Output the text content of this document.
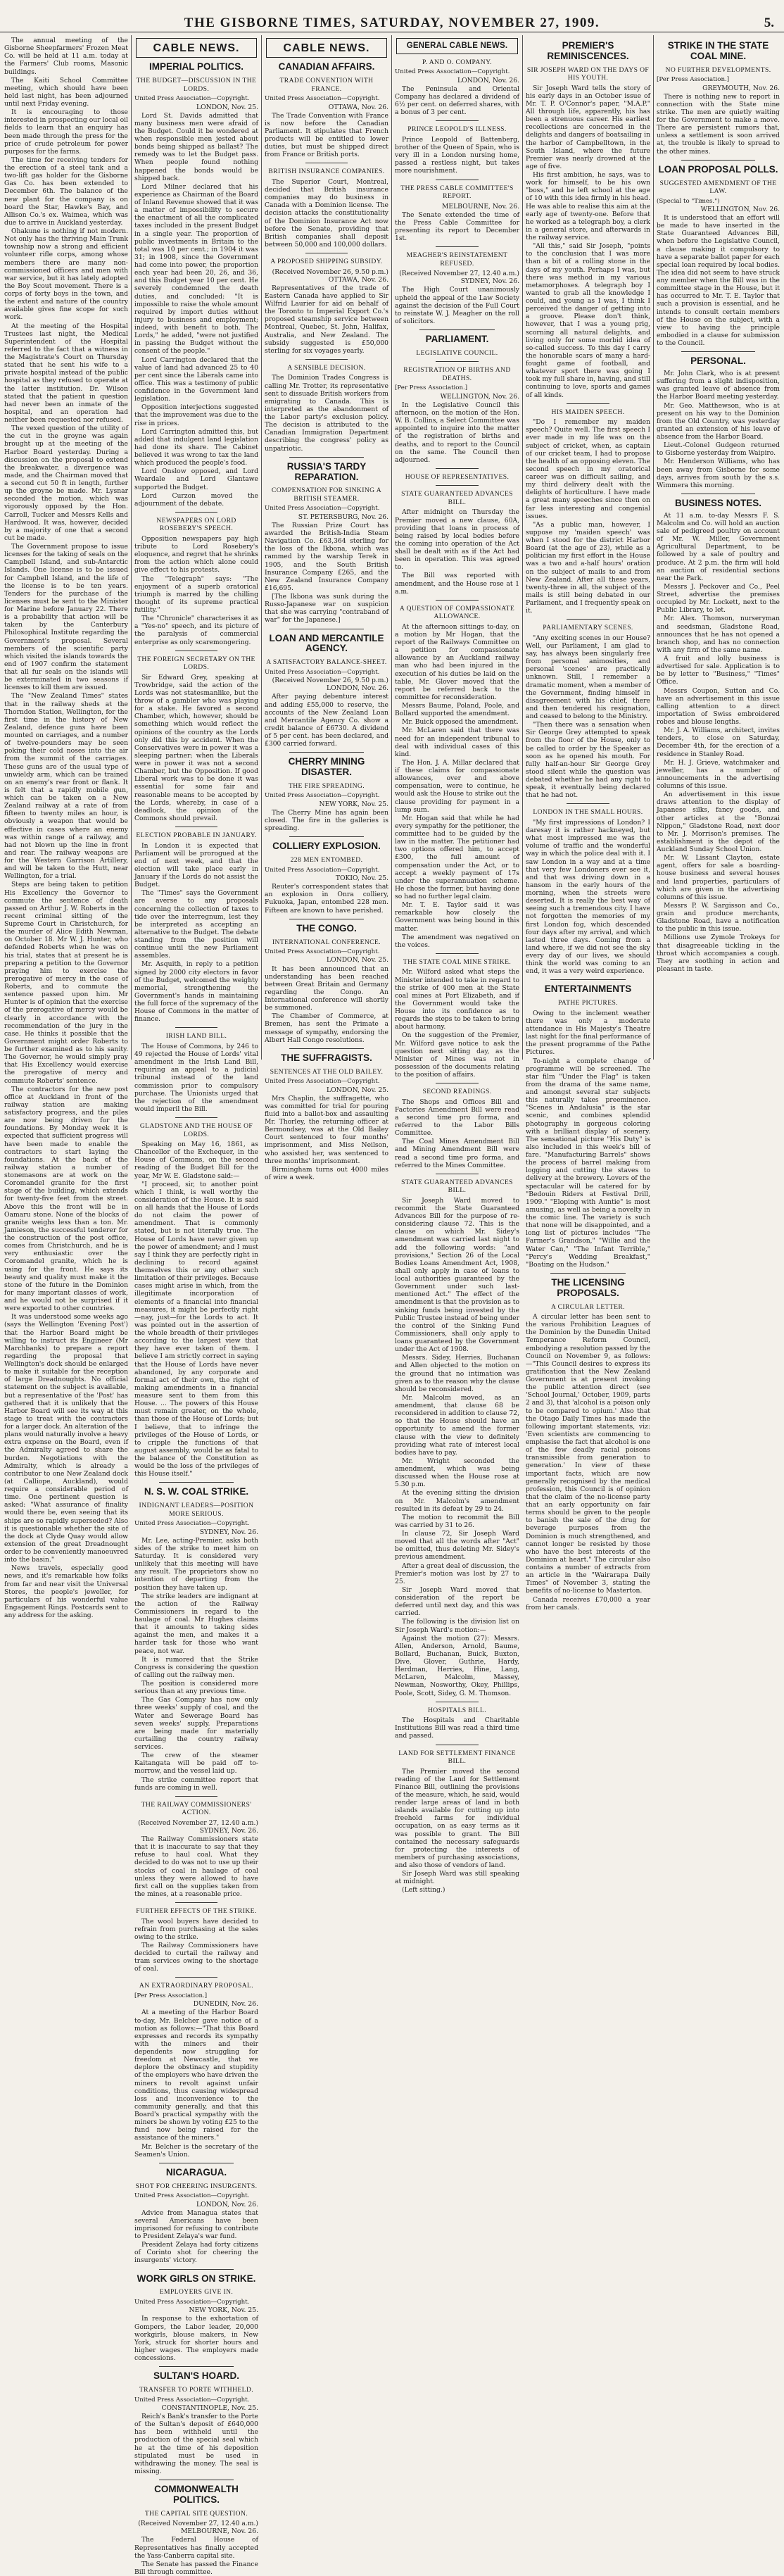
THE GISBORNE TIMES, SATURDAY, NOVEMBER 27, 1909.	5.

The annual meeting of the Gisborne Sheepfarmers' Frozen Meat Co. will be held at 11 a.m. today at the Farmers' Club rooms, Masonic buildings.

The Kaiti School Committee meeting, which should have been held last night, has been adjourned until next Friday evening.

It is encouraging to those interested in prospecting our local oil fields to learn that an enquiry has been made through the press for the price of crude petroleum for power purposes for the farms.

The time for receiving tenders for the erection of a steel tank and a two-lift gas holder for the Gisborne Gas Co. has been extended to December 6th. The balance of the new plant for the company is on board the Star, Hawke's Bay, and Allison Co.'s ex. Waimea, which was due to arrive in Auckland yesterday.

Ohakune is nothing if not modern. Not only has the thriving Main Trunk township now a strong and efficient volunteer rifle corps, among whose members there are many non-commissioned officers and men with war service, but it has lately adopted the Boy Scout movement. There is a corps of forty boys in the town, and the extent and nature of the country available gives fine scope for such work.

At the meeting of the Hospital Trustees last night, the Medical Superintendent of the Hospital referred to the fact that a witness in the Magistrate's Court on Thursday stated that he sent his wife to a private hospital instead of the public hospital as they refused to operate at the latter institution. Dr. Wilson stated that the patient in question had never been an inmate of the hospital, and an operation had neither been requested nor refused.

The vexed question of the utility of the cut in the groyne was again brought up at the meeting of the Harbor Board yesterday. During a discussion on the proposal to extend the breakwater, a divergence was made, and the Chairman moved that a second cut 50 ft in length, further up the groyne be made. Mr. Lysnar seconded the motion, which was vigorously opposed by the Hon. Carroll, Tucker and Messrs Kells and Hardwood. It was, however, decided by a majority of one that a second cut be made.

The Government propose to issue licenses for the taking of seals on the Campbell Island, and sub-Antarctic Islands. One license is to be issued for Campbell Island, and the life of the license is to be ten years. Tenders for the purchase of the licenses must be sent to the Minister for Marine before January 22. There is a probability that action will be taken by the Canterbury Philosophical Institute regarding the Government's proposal. Several members of the scientific party which visited the islands towards the end of 1907 confirm the statement that all fur seals on the islands will be exterminated in two seasons if licenses to kill them are issued.

The "New Zealand Times" states that in the railway sheds at the Thorndon Station, Wellington, for the first time in the history of New Zealand, defence guns have been mounted on carriages, and a number of twelve-pounders may be seen poking their cold noses into the air from the summit of the carriages. These guns are of the usual type of unwieldy arm, which can be trained on an enemy's rear front or flank. It is felt that a rapidly mobile gun, which can be taken on a New Zealand railway at a rate of from fifteen to twenty miles an hour, is obviously a weapon that would be effective in cases where an enemy was within range of a railway, and had not blown up the line in front and rear. The railway weapons are for the Western Garrison Artillery, and will be taken to the Hutt, near Wellington, for a trial.

Steps are being taken to petition His Excellency the Governor to commute the sentence of death passed on Arthur J. W. Roberts in the recent criminal sitting of the Supreme Court in Christchurch, for the murder of Alice Edith Newman, on October 18. Mr W. J. Hunter, who defended Roberts when he was on his trial, states that at present he is preparing a petition to the Governor praying him to exercise the prerogative of mercy in the case of Roberts, and to commute the sentence passed upon him. Mr Hunter is of opinion that the exercise of the prerogative of mercy would be clearly in accordance with the recommendation of the jury in the case. He thinks it possible that the Government might order Roberts to be further examined as to his sanity. The Governor, he would simply pray that His Excellency would exercise the prerogative of mercy and commute Roberts' sentence.

The contractors for the new post office at Auckland in front of the railway station are making satisfactory progress, and the piles are now being driven for the foundations. By Monday week it is expected that sufficient progress will have been made to enable the contractors to start laying the foundations. At the back of the railway station a number of stonemasons are at work on the Coromandel granite for the first stage of the building, which extends for twenty-five feet from the street. Above this the front will be in Oamaru stone. None of the blocks of granite weighs less than a ton. Mr. Jamieson, the successful tenderer for the construction of the post office, comes from Christchurch, and he is very enthusiastic over the Coromandel granite, which he is using for the front. He says its beauty and quality must make it the stone of the future in the Dominion for many important classes of work, and he would not be surprised if it were exported to other countries.

It was understood some weeks ago (says the Wellington 'Evening Post') that the Harbor Board might be willing to instruct its Engineer (Mr Marchbanks) to prepare a report regarding the proposal that Wellington's dock should be enlarged to make it suitable for the reception of large Dreadnoughts. No official statement on the subject is available, but a representative of the 'Post' has gathered that it is unlikely that the Harbor Board will see its way at this stage to treat with the contractors for a larger dock. An alteration of the plans would naturally involve a heavy extra expense on the Board, even if the Admiralty agreed to share the burden. Negotiations with the Admiralty, which is already a contributor to one New Zealand dock (at Calliope, Auckland), would require a considerable period of time. One pertinent question is asked: "What assurance of finality would there be, even seeing that its ships are so rapidly superseded? Also it is questionable whether the site of the dock at Clyde Quay would allow extension of the great Dreadnought order to be conveniently manoeuvred into the basin."

News travels, especially good news, and it's remarkable how folks from far and near visit the Universal Stores, the people's jeweller, for particulars of his wonderful value Engagement Rings. Postcards sent to any address for the asking.

CABLE NEWS.
IMPERIAL POLITICS.
THE BUDGET—DISCUSSION IN THE LORDS.

United Press Association—Copyright.

LONDON, Nov. 25.

Lord St. Davids admitted that many business men were afraid of the Budget. Could it be wondered at when responsible men jested about bonds being shipped as ballast? The remedy was to let the Budget pass. When people found nothing happened the bonds would be shipped back.

Lord Milner declared that his experience as Chairman of the Board of Inland Revenue showed that it was a matter of impossibility to secure the enactment of all the complicated taxes included in the present Budget in a single year. The proportion of public investments in Britain to the total was 10 per cent.; in 1904 it was 31; in 1908, since the Government had come into power, the proportion each year had been 20, 26, and 36, and this Budget year 10 per cent. He severely condemned the death duties, and concluded: "It is impossible to raise the whole amount required by import duties without injury to business and employment; indeed, with benefit to both. The Lords," he added, "were not justified in passing the Budget without the consent of the people."

Lord Carrington declared that the value of land had advanced 25 to 40 per cent since the Liberals came into office. This was a testimony of public confidence in the Government land legislation.

Opposition interjections suggested that the improvement was due to the rise in prices.

Lord Carrington admitted this, but added that indulgent land legislation had done its share. The Cabinet believed it was wrong to tax the land which produced the people's food.

Lord Onslow opposed, and Lord Weardale and Lord Glantawe supported the Budget.

Lord Curzon moved the adjournment of the debate.

NEWSPAPERS ON LORD ROSEBERY'S SPEECH.

Opposition newspapers pay high tribute to Lord Rosebery's eloquence, and regret that he shrinks from the action which alone could give effect to his protests.

The "Telegraph" says: "The enjoyment of a superb oratorical triumph is marred by the chilling thought of its supreme practical futility."

The "Chronicle" characterises it as a "Yes-no" speech, and its picture of the paralysis of commercial enterprise as only scaremongering.

THE FOREIGN SECRETARY ON THE LORDS.

Sir Edward Grey, speaking at Trowbridge, said the action of the Lords was not statesmanlike, but the throw of a gambler who was playing for a stake. He favored a second Chamber, which, however, should be something which would reflect the opinions of the country as the Lords only did this by accident. When the Conservatives were in power it was a sleeping partner; when the Liberals were in power it was not a second Chamber, but the Opposition. If good Liberal work was to be done it was essential for some fair and reasonable means to be accepted by the Lords, whereby, in case of a deadlock, the opinion of the Commons should prevail.

ELECTION PROBABLE IN JANUARY.

In London it is expected that Parliament will be prorogued at the end of next week, and that the election will take place early in January if the Lords do not assist the Budget.

The "Times" says the Government are averse to any proposals concerning the collection of taxes to tide over the interregnum, lest they be interpreted as accepting an alternative to the Budget. The debate standing from the position will continue until the new Parliament assembles.

Mr. Asquith, in reply to a petition signed by 2000 city electors in favor of the Budget, welcomed the weighty memorial, strengthening the Government's hands in maintaining the full force of the supremacy of the House of Commons in the matter of finance.

IRISH LAND BILL.

The House of Commons, by 246 to 49 rejected the House of Lords' vital amendment in the Irish Land Bill, requiring an appeal to a judicial tribunal instead of the land commission prior to compulsory purchase. The Unionists urged that the rejection of the amendment would imperil the Bill.

GLADSTONE AND THE HOUSE OF LORDS.

Speaking on May 16, 1861, as Chancellor of the Exchequer, in the House of Commons, on the second reading of the Budget Bill for the year, Mr W. E. Gladstone said:—

"I proceed, sir, to another point which I think, is well worthy the consideration of the House. It is said on all hands that the House of Lords do not claim the power of amendment. That is commonly stated, but is not literally true. The House of Lords have never given up the power of amendment; and I must say I think they are perfectly right in declining to record against themselves this or any other such limitation of their privileges. Because cases might arise in which, from the illegitimate incorporation of elements of a financial into financial measures, it might be perfectly right—nay, just—for the Lords to act. It was pointed out in the assertion of the whole breadth of their privileges according to the largest view that they have ever taken of them. I believe I am strictly correct in saying that the House of Lords have never abandoned, by any corporate and formal act of their own, the right of making amendments in a financial measure sent to them from this House. ... The powers of this House must remain greater, on the whole, than those of the House of Lords; but I believe, that to infringe the privileges of the House of Lords, or to cripple the functions of that august assembly, would be as fatal to the balance of the Constitution as would be the loss of the privileges of this House itself."

N. S. W. COAL STRIKE.
INDIGNANT LEADERS—POSITION MORE SERIOUS.

United Press Association—Copyright.

SYDNEY, Nov. 26.

Mr. Lee, acting-Premier, asks both sides of the strike to meet him on Saturday. It is considered very unlikely that this meeting will have any result. The proprietors show no intention of departing from the position they have taken up.

The strike leaders are indignant at the action of the Railway Commissioners in regard to the haulage of coal. Mr Hughes claims that it amounts to taking sides against the men, and makes it a harder task for those who want peace, not war.

It is rumored that the Strike Congress is considering the question of calling out the railway men.

The position is considered more serious than at any previous time.

The Gas Company has now only three weeks' supply of coal, and the Water and Sewerage Board has seven weeks' supply. Preparations are being made for materially curtailing the country railway services.

The crew of the steamer Kaitangata will be paid off to-morrow, and the vessel laid up.

The strike committee report that funds are coming in well.

THE RAILWAY COMMISSIONERS' ACTION.
(Received November 27, 12.40 a.m.) SYDNEY, Nov. 26.

The Railway Commissioners state that it is inaccurate to say that they refuse to haul coal. What they decided to do was not to use up their stocks of coal in haulage of coal unless they were allowed to have first call on the supplies taken from the mines, at a reasonable price.

FURTHER EFFECTS OF THE STRIKE.

The wool buyers have decided to refrain from purchasing at the sales owing to the strike.

The Railway Commissioners have decided to curtail the railway and tram services owing to the shortage of coal.

AN EXTRAORDINARY PROPOSAL.

[Per Press Association.]

DUNEDIN, Nov. 26.

At a meeting of the Harbor Board to-day, Mr. Belcher gave notice of a motion as follows:—"That this Board expresses and records its sympathy with the miners and their dependents now struggling for freedom at Newcastle, that we deplore the obstinacy and stupidity of the employers who have driven the miners to revolt against unfair conditions, thus causing widespread loss and inconvenience to the community generally, and that this Board's practical sympathy with the miners be shown by voting £25 to the fund now being raised for the assistance of the miners."

Mr. Belcher is the secretary of the Seamen's Union.

NICARAGUA.
SHOT FOR CHEERING INSURGENTS.

United Press Association—Copyright.

LONDON, Nov. 26.

Advice from Managua states that several Americans have been imprisoned for refusing to contribute to President Zelaya's war fund.

President Zelaya had forty citizens of Corinto shot for cheering the insurgents' victory.

WORK GIRLS ON STRIKE.
EMPLOYERS GIVE IN.

United Press Association—Copyright.

NEW YORK, Nov. 25.

In response to the exhortation of Gompers, the Labor leader, 20,000 workgirls, blouse makers, in New York, struck for shorter hours and higher wages. The employers made concessions.

SULTAN'S HOARD.
TRANSFER TO PORTE WITHHELD.

United Press Association—Copyright.

CONSTANTINOPLE, Nov. 25.

Reich's Bank's transfer to the Porte of the Sultan's deposit of £640,000 has been withheld until the production of the special seal which he at the time of his deposition stipulated must be used in withdrawing the money. The seal is missing.

COMMONWEALTH POLITICS.
THE CAPITAL SITE QUESTION.
(Received November 27, 12.40 a.m.) MELBOURNE, Nov. 26.

The Federal House of Representatives has finally accepted the Yass-Canberra capital site.

The Senate has passed the Finance Bill through committee.

CABLE NEWS.
CANADIAN AFFAIRS.
TRADE CONVENTION WITH FRANCE.

United Press Association—Copyright.

OTTAWA, Nov. 26.

The Trade Convention with France is now before the Canadian Parliament. It stipulates that French products will be entitled to lower duties, but must be shipped direct from France or British ports.

BRITISH INSURANCE COMPANIES.

The Superior Court, Montreal, decided that British insurance companies may do business in Canada with a Dominion license. The decision attacks the constitutionality of the Dominion Insurance Act now before the Senate, providing that British companies shall deposit between 50,000 and 100,000 dollars.

A PROPOSED SHIPPING SUBSIDY.
(Received November 26, 9.50 p.m.) OTTAWA, Nov. 26.

Representatives of the trade of Eastern Canada have applied to Sir Wilfrid Laurier for aid on behalf of the Toronto to Imperial Export Co.'s proposed steamship service between Montreal, Quebec, St. John, Halifax, Australia, and New Zealand. The subsidy suggested is £50,000 sterling for six voyages yearly.

A SENSIBLE DECISION.

The Dominion Trades Congress is calling Mr. Trotter, its representative sent to dissuade British workers from emigrating to Canada. This is interpreted as the abandonment of the Labor party's exclusion policy. The decision is attributed to the Canadian Immigration Department describing the congress' policy as unpatriotic.

RUSSIA'S TARDY REPARATION.
COMPENSATION FOR SINKING A BRITISH STEAMER.

United Press Association—Copyright.

ST. PETERSBURG, Nov. 26.

The Russian Prize Court has awarded the British-India Steam Navigation Co. £63,364 sterling for the loss of the Ikbona, which was rammed by the warship Terek in 1905, and the South British Insurance Company £265, and the New Zealand Insurance Company £16,695.

[The Ikbona was sunk during the Russo-Japanese war on suspicion that she was carrying "contraband of war" for the Japanese.]

LOAN AND MERCANTILE AGENCY.
A SATISFACTORY BALANCE-SHEET.

United Press Association—Copyright.

(Received November 26, 9.50 p.m.) LONDON, Nov. 26.

After paying debenture interest and adding £55,000 to reserve, the accounts of the New Zealand Loan and Mercantile Agency Co. show a credit balance of £6730. A dividend of 5 per cent. has been declared, and £300 carried forward.

CHERRY MINING DISASTER.
THE FIRE SPREADING.

United Press Association—Copyright.

NEW YORK, Nov. 25.

The Cherry Mine has again been closed. The fire in the galleries is spreading.

COLLIERY EXPLOSION.
228 MEN ENTOMBED.

United Press Association—Copyright.

TOKIO, Nov. 25.

Reuter's correspondent states that an explosion in Onra colliery, Fukuoka, Japan, entombed 228 men. Fifteen are known to have perished.

THE CONGO.
INTERNATIONAL CONFERENCE.

United Press Association—Copyright.

LONDON, Nov. 25.

It has been announced that an understanding has been reached between Great Britain and Germany regarding the Congo. An International conference will shortly be summoned.

The Chamber of Commerce, at Bremen, has sent the Primate a message of sympathy, endorsing the Albert Hall Congo resolutions.

THE SUFFRAGISTS.
SENTENCES AT THE OLD BAILEY.

United Press Association—Copyright.

LONDON, Nov. 25.

Mrs Chaplin, the suffragette, who was committed for trial for pouring fluid into a ballot-box and assaulting Mr. Thorley, the returning officer at Bermondsey, was at the Old Bailey Court sentenced to four months' imprisonment, and Miss Neilson, who assisted her, was sentenced to three months' imprisonment.

Birmingham turns out 4000 miles of wire a week.

GENERAL CABLE NEWS.
P. AND O. COMPANY.

United Press Association—Copyright.

LONDON, Nov. 26.

The Peninsula and Oriental Company has declared a dividend of 6½ per cent. on deferred shares, with a bonus of 3 per cent.

PRINCE LEOPOLD'S ILLNESS.

Prince Leopold of Battenberg, brother of the Queen of Spain, who is very ill in a London nursing home, passed a restless night, but takes more nourishment.

THE PRESS CABLE COMMITTEE'S REPORT.
MELBOURNE, Nov. 26.

The Senate extended the time of the Press Cable Committee for presenting its report to December 1st.

MEAGHER'S REINSTATEMENT REFUSED.
(Received November 27, 12.40 a.m.) SYDNEY, Nov. 26.

The High Court unanimously upheld the appeal of the Law Society against the decision of the Full Court to reinstate W. J. Meagher on the roll of solicitors.

PARLIAMENT.
LEGISLATIVE COUNCIL.
REGISTRATION OF BIRTHS AND DEATHS.

[Per Press Association.]

WELLINGTON, Nov. 26.

In the Legislative Council this afternoon, on the motion of the Hon. W. B. Collins, a Select Committee was appointed to inquire into the matter of the registration of births and deaths, and to report to the Council on the same. The Council then adjourned.

HOUSE OF REPRESENTATIVES.
STATE GUARANTEED ADVANCES BILL.

After midnight on Thursday the Premier moved a new clause, 60A, providing that loans in process of being raised by local bodies before the coming into operation of the Act shall be dealt with as if the Act had been in operation. This was agreed to.

The Bill was reported with amendment, and the House rose at 1 a.m.

A QUESTION OF COMPASSIONATE ALLOWANCE.

At the afternoon sittings to-day, on a motion by Mr Hogan, that the report of the Railways Committee on a petition for compassionate allowance by an Auckland railway man who had been injured in the execution of his duties be laid on the table, Mr. Glover moved that the report be referred back to the committee for reconsideration.

Messrs Baume, Poland, Poole, and Bollard supported the amendment.

Mr. Buick opposed the amendment.

Mr. McLaren said that there was need for an independent tribunal to deal with individual cases of this kind.

The Hon. J. A. Millar declared that if these claims for compassionate allowances, over and above compensation, were to continue, he would ask the House to strike out the clause providing for payment in a lump sum.

Mr. Hogan said that while he had every sympathy for the petitioner, the committee had to be guided by the law in the matter. The petitioner had two options offered him, to accept £300, the full amount of compensation under the Act, or to accept a weekly payment of 17s under the superannuation scheme. He chose the former, but having done so had no further legal claim.

Mr. T. E. Taylor said it was remarkable how closely the Government was being bound in this matter.

The amendment was negatived on the voices.

THE STATE COAL MINE STRIKE.

Mr. Wilford asked what steps the Minister intended to take in regard to the strike of 400 men at the State coal mines at Port Elizabeth, and if the Government would take the House into its confidence as to regards the steps to be taken to bring about harmony.

On the suggestion of the Premier, Mr. Wilford gave notice to ask the question next sitting day, as the Minister of Mines was not in possession of the documents relating to the position of affairs.

SECOND READINGS.

The Shops and Offices Bill and Factories Amendment Bill were read a second time pro forma, and referred to the Labor Bills Committee.

The Coal Mines Amendment Bill and Mining Amendment Bill were read a second time pro forma, and referred to the Mines Committee.

STATE GUARANTEED ADVANCES BILL.

Sir Joseph Ward moved to recommit the State Guaranteed Advances Bill for the purpose of re-considering clause 72. This is the clause on which Mr. Sidey's amendment was carried last night to add the following words: "and provisions," Section 26 of the Local Bodies Loans Amendment Act, 1908, shall only apply in case of loans to local authorities guaranteed by the Government under such last-mentioned Act." The effect of the amendment is that the provision as to sinking funds being invested by the Public Trustee instead of being under the control of the Sinking Fund Commissioners, shall only apply to loans guaranteed by the Government under the Act of 1908.

Messrs. Sidey, Herries, Buchanan and Allen objected to the motion on the ground that no intimation was given as to the reason why the clause should be reconsidered.

Mr. Malcolm moved, as an amendment, that clause 68 be reconsidered in addition to clause 72, so that the House should have an opportunity to amend the former clause with the view to definitely providing what rate of interest local bodies have to pay.

Mr. Wright seconded the amendment, which was being discussed when the House rose at 5.30 p.m.

At the evening sitting the division on Mr. Malcolm's amendment resulted in its defeat by 29 to 24.

The motion to recommit the Bill was carried by 31 to 26.

In clause 72, Sir Joseph Ward moved that all the words after "Act" be omitted, thus deleting Mr. Sidey's previous amendment.

After a great deal of discussion, the Premier's motion was lost by 27 to 25.

Sir Joseph Ward moved that consideration of the report be deferred until next day, and this was carried.

The following is the division list on Sir Joseph Ward's motion:—

Against the motion (27): Messrs. Allen, Anderson, Arnold, Baume, Bollard, Buchanan, Buick, Buxton, Dive, Glover, Guthrie, Hardy, Herdman, Herries, Hine, Lang, McLaren, Malcolm, Massey, Newman, Nosworthy, Okey, Phillips, Poole, Scott, Sidey, G. M. Thomson.

HOSPITALS BILL.

The Hospitals and Charitable Institutions Bill was read a third time and passed.

LAND FOR SETTLEMENT FINANCE BILL.

The Premier moved the second reading of the Land for Settlement Finance Bill, outlining the provisions of the measure, which, he said, would render large areas of land in both islands available for cutting up into freehold farms for individual occupation, on as easy terms as it was possible to grant. The Bill contained the necessary safeguards for protecting the interests of members of purchasing associations, and also those of vendors of land.

Sir Joseph Ward was still speaking at midnight.

(Left sitting.)

PREMIER'S REMINISCENCES.
SIR JOSEPH WARD ON THE DAYS OF HIS YOUTH.

Sir Joseph Ward tells the story of his early days in an October issue of Mr. T. P. O'Connor's paper, "M.A.P." All through life, apparently, his has been a strenuous career. His earliest recollections are concerned in the delights and dangers of boatsailing in the harbor of Campbelltown, in the South Island, where the future Premier was nearly drowned at the age of five.

His first ambition, he says, was to work for himself, to be his own "boss," and he left school at the age of 10 with this idea firmly in his head. He was able to realise this aim at the early age of twenty-one. Before that he worked as a telegraph boy, a clerk in a general store, and afterwards in the railway service.

"All this," said Sir Joseph, "points to the conclusion that I was more than a bit of a rolling stone in the days of my youth. Perhaps I was, but there was method in my various metamorphoses. A telegraph boy I wanted to grab all the knowledge I could, and young as I was, I think I perceived the danger of getting into a groove. Please don't think, however, that I was a young prig, scorning all natural delights, and living only for some morbid idea of so-called success. To this day I carry the honorable scars of many a hard-fought game of football, and whatever sport there was going I took my full share in, having, and still continuing to love, sports and games of all kinds.

HIS MAIDEN SPEECH.

"Do I remember my maiden speech? Quite well. The first speech I ever made in my life was on the subject of cricket, when, as captain of our cricket team, I had to propose the health of an opposing eleven. The second speech in my oratorical career was on difficult sailing, and my third delivery dealt with the delights of horticulture. I have made a great many speeches since then on far less interesting and congenial issues.

"As a public man, however, I suppose my 'maiden speech' was when I stood for the district Harbor Board (at the age of 23), while as a politician my first effort in the House was a two and a-half hours' oration on the subject of mails to and from New Zealand. After all these years, twenty-three in all, the subject of the mails is still being debated in our Parliament, and I frequently speak on it.

PARLIAMENTARY SCENES.

"Any exciting scenes in our House? Well, our Parliament, I am glad to say, has always been singularly free from personal animosities, and personal 'scenes' are practically unknown. Still, I remember a dramatic moment, when a member of the Government, finding himself in disagreement with his chief, there and then tendered his resignation, and ceased to belong to the Ministry.

"Then there was a sensation when Sir George Grey attempted to speak from the floor of the House, only to be called to order by the Speaker as soon as he opened his mouth. For fully half-an-hour Sir George Grey stood silent while the question was debated whether he had any right to speak, it eventually being declared that he had not.

LONDON IN THE SMALL HOURS.

"My first impressions of London? I daresay it is rather hackneyed, but what most impressed me was the volume of traffic and the wonderful way in which the police deal with it. I saw London in a way and at a time that very few Londoners ever see it, and that was driving down in a hansom in the early hours of the morning, when the streets were deserted. It is really the best way of seeing such a tremendous city. I have not forgotten the memories of my first London fog, which descended four days after my arrival, and which lasted three days. Coming from a land where, if we did not see the sky every day of our lives, we should think the world was coming to an end, it was a very weird experience.

ENTERTAINMENTS
PATHE PICTURES.

Owing to the inclement weather there was only a moderate attendance in His Majesty's Theatre last night for the final performance of the present programme of the Pathe Pictures.

To-night a complete change of programme will be screened. The star film "Under the Flag" is taken from the drama of the same name, and amongst several star subjects this naturally takes preeminence. "Scenes in Andalusia" is the star scenic, and combines splendid photography in gorgeous coloring with a brilliant display of scenery. The sensational picture "His Duty" is also included in this week's bill of fare. "Manufacturing Barrels" shows the process of barrel making from logging and cutting the staves to delivery at the brewery. Lovers of the spectacular will be catered for by "Bedouin Riders at Festival Drill, 1909." "Eloping with Auntie" is most amusing, as well as being a novelty in the comic line. The variety is such that none will be disappointed, and a long list of pictures includes "The Farmer's Grandson," "Willie and the Water Can," "The Infant Terrible," "Percy's Wedding Breakfast," "Boating on the Hudson."

THE LICENSING PROPOSALS.
A CIRCULAR LETTER.

A circular letter has been sent to the various Prohibition Leagues of the Dominion by the Dunedin United Temperance Reform Council, embodying a resolution passed by the Council on November 9, as follows:—"This Council desires to express its gratification that the New Zealand Government is at present invoking the public attention direct (see 'School Journal,' October, 1909, parts 2 and 3), that 'alcohol is a poison only to be compared to opium.' Also that the Otago Daily Times has made the following important statements, viz: 'Even scientists are commencing to emphasise the fact that alcohol is one of the few deadly racial poisons transmissible from generation to generation.' In view of these important facts, which are now generally recognised by the medical profession, this Council is of opinion that the claim of the no-license party that an early opportunity on fair terms should be given to the people to banish the sale of the drug for beverage purposes from the Dominion is much strengthened, and cannot longer be resisted by those who have the best interests of the Dominion at heart." The circular also contains a number of extracts from an article in the "Wairarapa Daily Times" of November 3, stating the benefits of no-license to Masterton.

Canada receives £70,000 a year from her canals.

STRIKE IN THE STATE COAL MINE.
NO FURTHER DEVELOPMENTS.

[Per Press Association.]

GREYMOUTH, Nov. 26.

There is nothing new to report in connection with the State mine strike. The men are quietly waiting for the Government to make a move. There are persistent rumors that, unless a settlement is soon arrived at, the trouble is likely to spread to the other mines.

LOAN PROPOSAL POLLS.
SUGGESTED AMENDMENT OF THE LAW.

(Special to "Times.")

WELLINGTON, Nov. 26.

It is understood that an effort will be made to have inserted in the State Guaranteed Advances Bill, when before the Legislative Council, a clause making it compulsory to have a separate ballot paper for each special loan required by local bodies. The idea did not seem to have struck any member when the Bill was in the committee stage in the House, but it has occurred to Mr. T. E. Taylor that such a provision is essential, and he intends to consult certain members of the House on the subject, with a view to having the principle embodied in a clause for submission to the Council.

PERSONAL.

Mr. John Clark, who is at present suffering from a slight indisposition, was granted leave of absence from the Harbor Board meeting yesterday.

Mr. Geo. Matthewson, who is at present on his way to the Dominion from the Old Country, was yesterday granted an extension of his leave of absence from the Harbor Board.

Lieut.-Colonel Gudgeon returned to Gisborne yesterday from Waipiro.

Mr. Henderson Williams, who has been away from Gisborne for some days, arrives from south by the s.s. Wimmera this morning.

BUSINESS NOTES.

At 11 a.m. to-day Messrs F. S. Malcolm and Co. will hold an auction sale of pedigreed poultry on account of Mr. W. Miller, Government Agricultural Department, to be followed by a sale of poultry and produce. At 2 p.m. the firm will hold an auction of residential sections near the Park.

Messrs J. Peckover and Co., Peel Street, advertise the premises occupied by Mr. Lockett, next to the Public Library, to let.

Mr. Alex. Thomson, nurseryman and seedsman, Gladstone Road, announces that he has not opened a branch shop, and has no connection with any firm of the same name.

A fruit and lolly business is advertised for sale. Application is to be by letter to "Business," "Times" Office.

Messrs Coupon, Sutton and Co. have an advertisement in this issue calling attention to a direct importation of Swiss embroidered robes and blouse lengths.

Mr. J. A. Williams, architect, invites tenders, to close on Saturday, December 4th, for the erection of a residence in Stanley Road.

Mr. H. J. Grieve, watchmaker and jeweller, has a number of announcements in the advertising columns of this issue.

An advertisement in this issue draws attention to the display of Japanese silks, fancy goods, and other articles at the "Bonzai Nippon," Gladstone Road, next door to Mr. J. Morrison's premises. The establishment is the depot of the Auckland Sunday School Union.

Mr. W. Lissant Clayton, estate agent, offers for sale a boarding-house business and several houses and land properties, particulars of which are given in the advertising columns of this issue.

Messrs P. W. Sargisson and Co., grain and produce merchants, Gladstone Road, have a notification to the public in this issue.

Millions use Zymole Trokeys for that disagreeable tickling in the throat which accompanies a cough. They are soothing in action and pleasant in taste.
